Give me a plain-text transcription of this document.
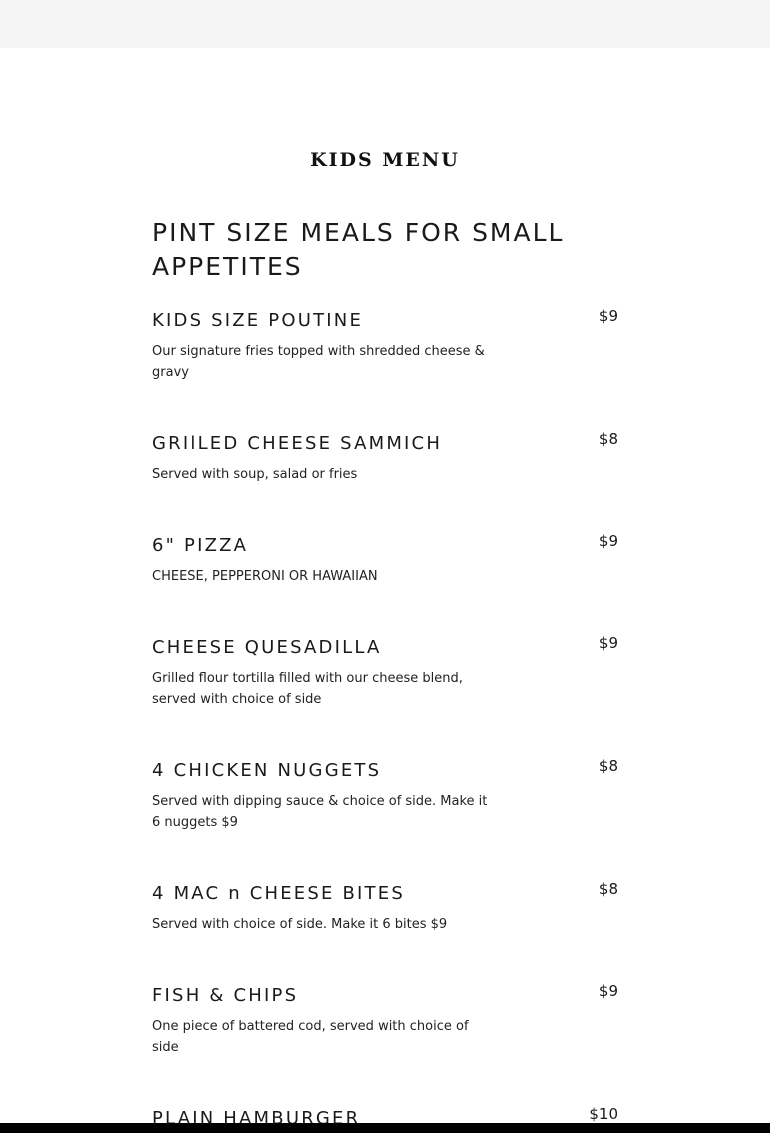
KIDS MENU
PINT SIZE MEALS FOR SMALL APPETITES
KIDS SIZE POUTINE	$9
Our signature fries topped with shredded cheese & gravy
GRIlLED CHEESE SAMMICH	$8
Served with soup, salad or fries
6" PIZZA	$9
CHEESE, PEPPERONI OR HAWAIIAN
CHEESE QUESADILLA	$9
Grilled flour tortilla filled with our cheese blend, served with choice of side
4 CHICKEN NUGGETS	$8
Served with dipping sauce & choice of side. Make it 6 nuggets $9
4 MAC n CHEESE BITES	$8
Served with choice of side. Make it 6 bites $9
FISH & CHIPS	$9
One piece of battered cod, served with choice of side
PLAIN HAMBURGER	$10
